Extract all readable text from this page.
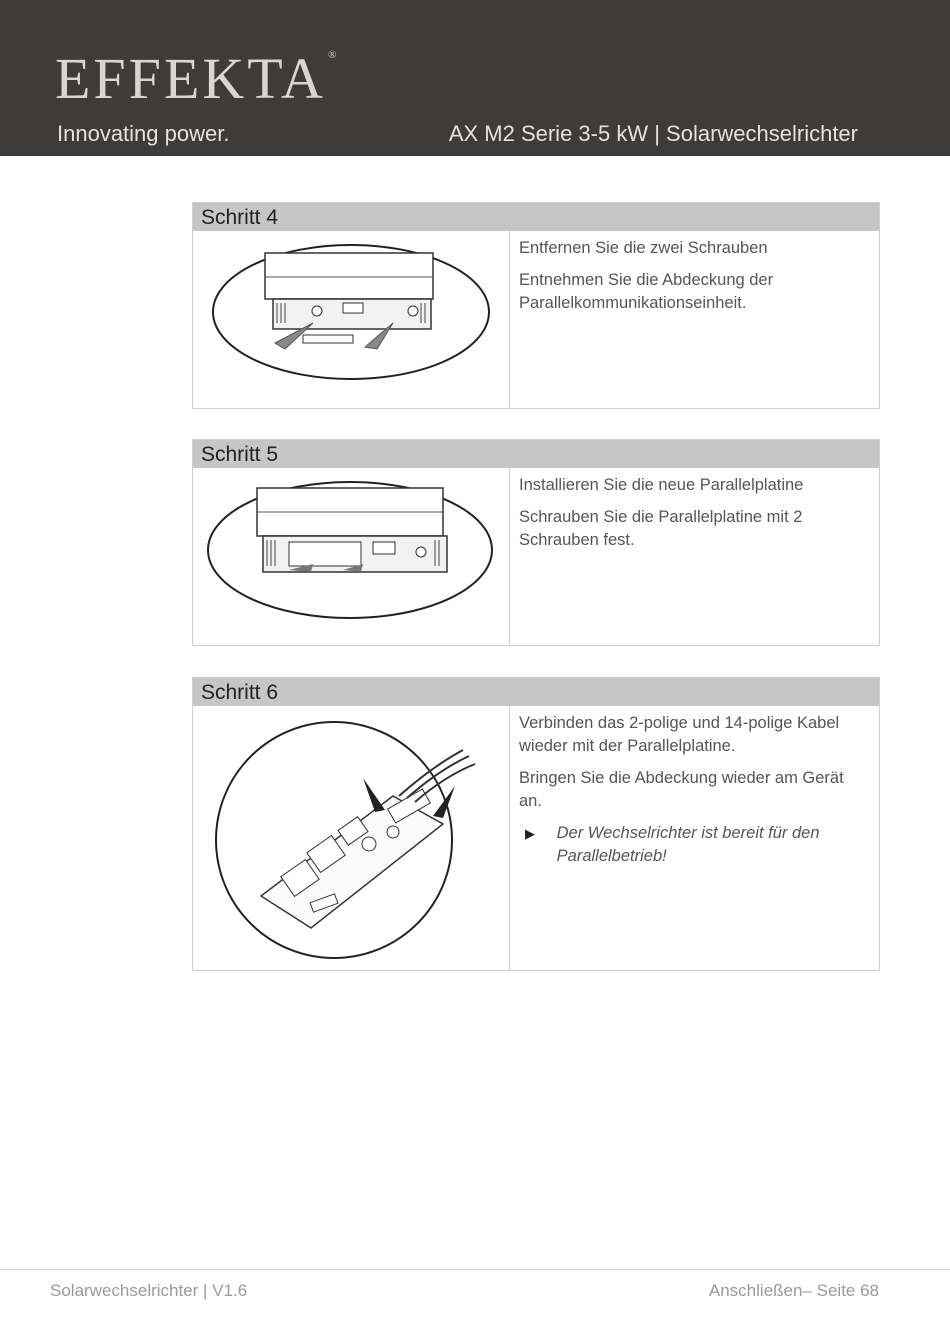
EFFEKTA ®
Innovating power.	AX M2 Serie 3-5 kW | Solarwechselrichter
Schritt 4

Entfernen Sie die zwei Schrauben

Entnehmen Sie die Abdeckung der Parallelkommunikationseinheit.

Schritt 5

Installieren Sie die neue Parallelplatine

Schrauben Sie die Parallelplatine mit 2 Schrauben fest.

Schritt 6

Verbinden das 2-polige und 14-polige Kabel wieder mit der Parallelplatine.

Bringen Sie die Abdeckung wieder am Gerät an.

▶	Der Wechselrichter ist bereit für den Parallelbetrieb!
Solarwechselrichter | V1.6	Anschließen– Seite 68
